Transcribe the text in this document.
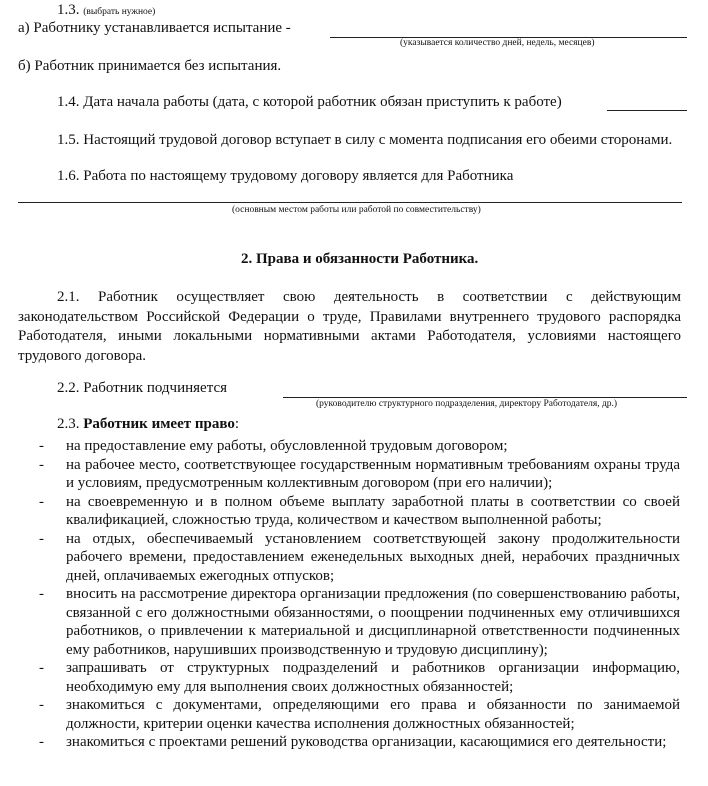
1.3. (выбрать нужное)
а) Работнику устанавливается испытание -
(указывается количество дней, недель, месяцев)
б) Работник принимается без испытания.
1.4. Дата начала работы (дата, с которой работник обязан приступить к работе)
1.5. Настоящий трудовой договор вступает в силу с момента подписания его обеими сторонами.
1.6. Работа по настоящему трудовому договору является для Работника
(основным местом работы или работой по совместительству)
2. Права и обязанности Работника.
2.1. Работник осуществляет свою деятельность в соответствии с действующим законодательством Российской Федерации о труде, Правилами внутреннего трудового распорядка Работодателя, иными локальными нормативными актами Работодателя, условиями настоящего трудового договора.
2.2. Работник подчиняется
(руководителю структурного подразделения, директору Работодателя, др.)
2.3. Работник имеет право:
- на предоставление ему работы, обусловленной трудовым договором;
- на рабочее место, соответствующее государственным нормативным требованиям охраны труда и условиям, предусмотренным коллективным договором (при его наличии);
- на своевременную и в полном объеме выплату заработной платы в соответствии со своей квалификацией, сложностью труда, количеством и качеством выполненной работы;
- на отдых, обеспечиваемый установлением соответствующей закону продолжительности рабочего времени, предоставлением еженедельных выходных дней, нерабочих праздничных дней, оплачиваемых ежегодных отпусков;
- вносить на рассмотрение директора организации предложения (по совершенствованию работы, связанной с его должностными обязанностями, о поощрении подчиненных ему отличившихся работников, о привлечении к материальной и дисциплинарной ответственности подчиненных ему работников, нарушивших производственную и трудовую дисциплину);
- запрашивать от структурных подразделений и работников организации информацию, необходимую ему для выполнения своих должностных обязанностей;
- знакомиться с документами, определяющими его права и обязанности по занимаемой должности, критерии оценки качества исполнения должностных обязанностей;
- знакомиться с проектами решений руководства организации, касающимися его деятельности;
